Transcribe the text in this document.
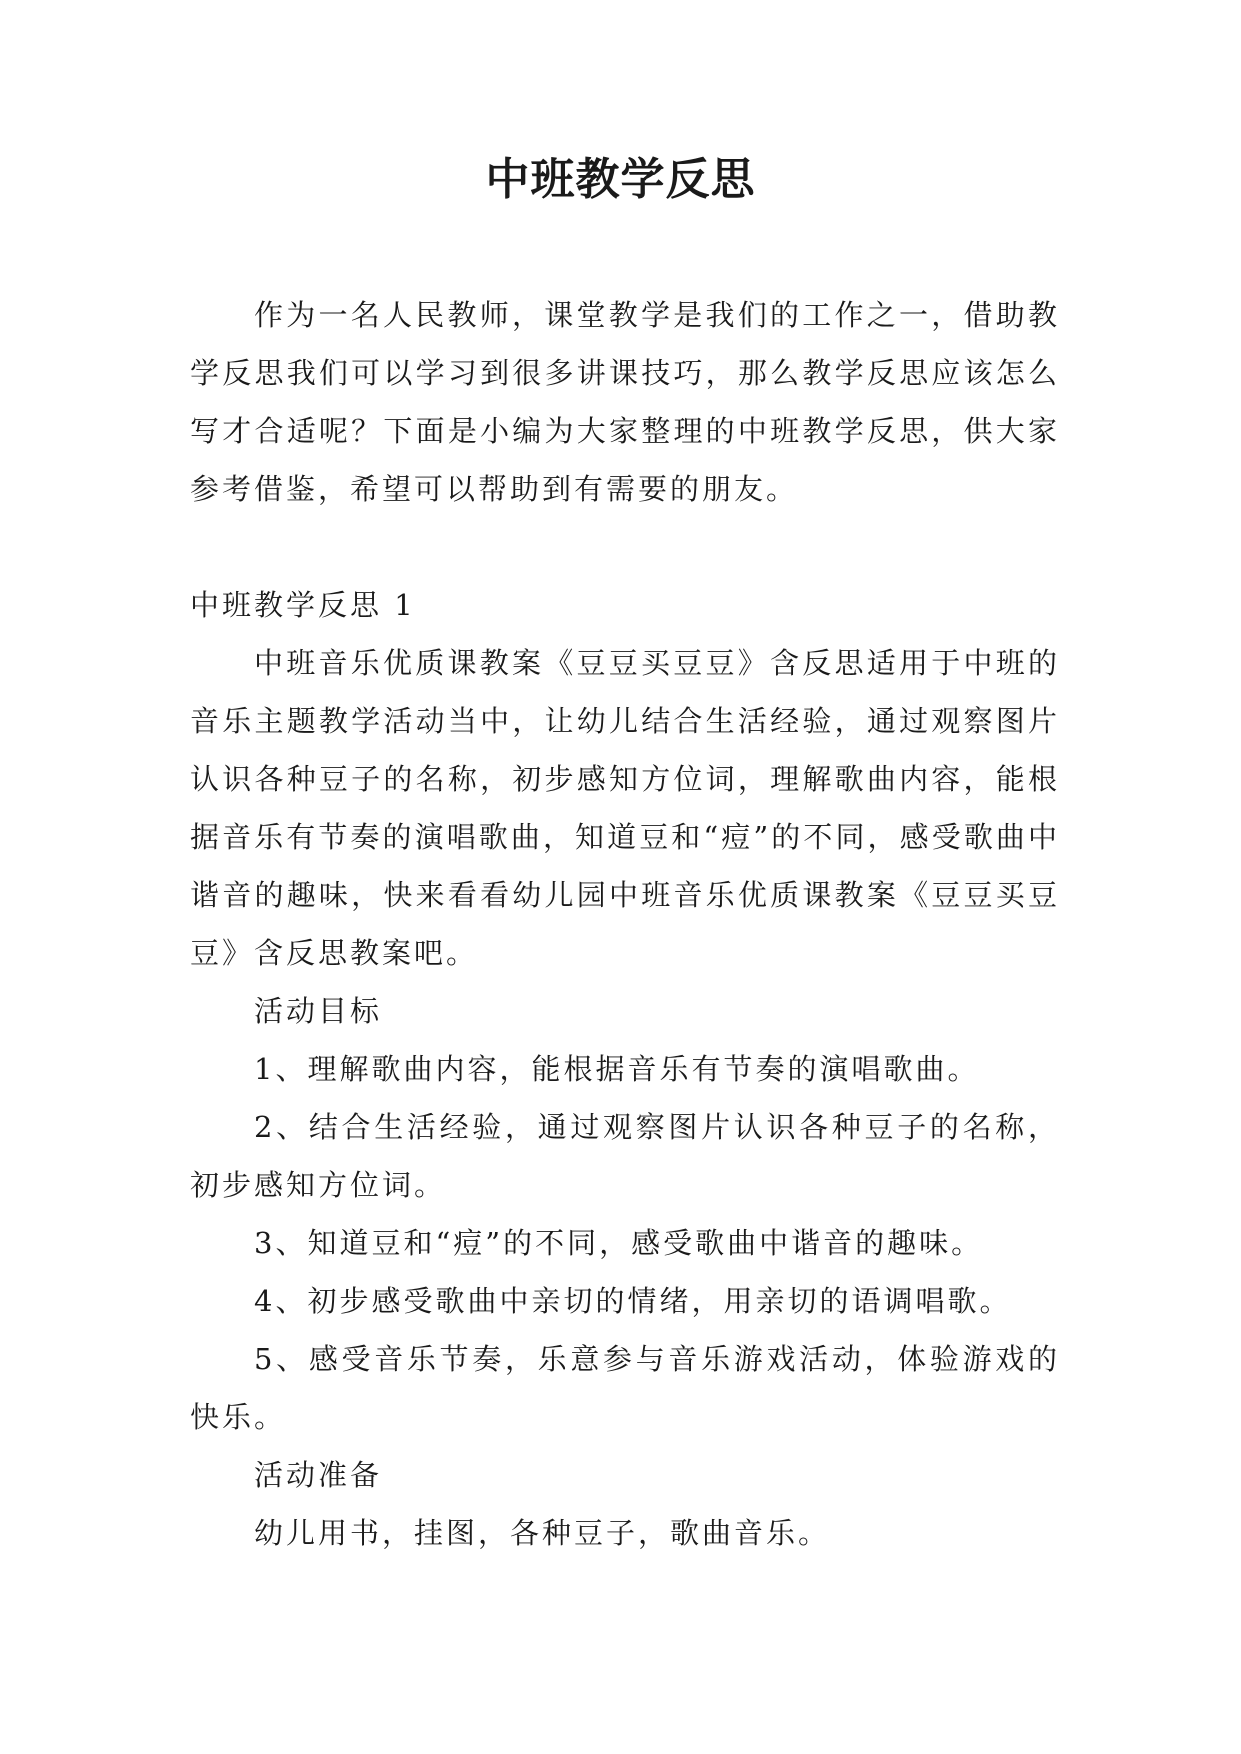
中班教学反思

作为一名人民教师，课堂教学是我们的工作之一，借助教学反思我们可以学习到很多讲课技巧，那么教学反思应该怎么写才合适呢？下面是小编为大家整理的中班教学反思，供大家参考借鉴，希望可以帮助到有需要的朋友。

中班教学反思 1

中班音乐优质课教案《豆豆买豆豆》含反思适用于中班的音乐主题教学活动当中，让幼儿结合生活经验，通过观察图片认识各种豆子的名称，初步感知方位词，理解歌曲内容，能根据音乐有节奏的演唱歌曲，知道豆和“痘”的不同，感受歌曲中谐音的趣味，快来看看幼儿园中班音乐优质课教案《豆豆买豆豆》含反思教案吧。

活动目标

1、理解歌曲内容，能根据音乐有节奏的演唱歌曲。

2、结合生活经验，通过观察图片认识各种豆子的名称，初步感知方位词。

3、知道豆和“痘”的不同，感受歌曲中谐音的趣味。

4、初步感受歌曲中亲切的情绪，用亲切的语调唱歌。

5、感受音乐节奏，乐意参与音乐游戏活动，体验游戏的快乐。

活动准备

幼儿用书，挂图，各种豆子，歌曲音乐。
